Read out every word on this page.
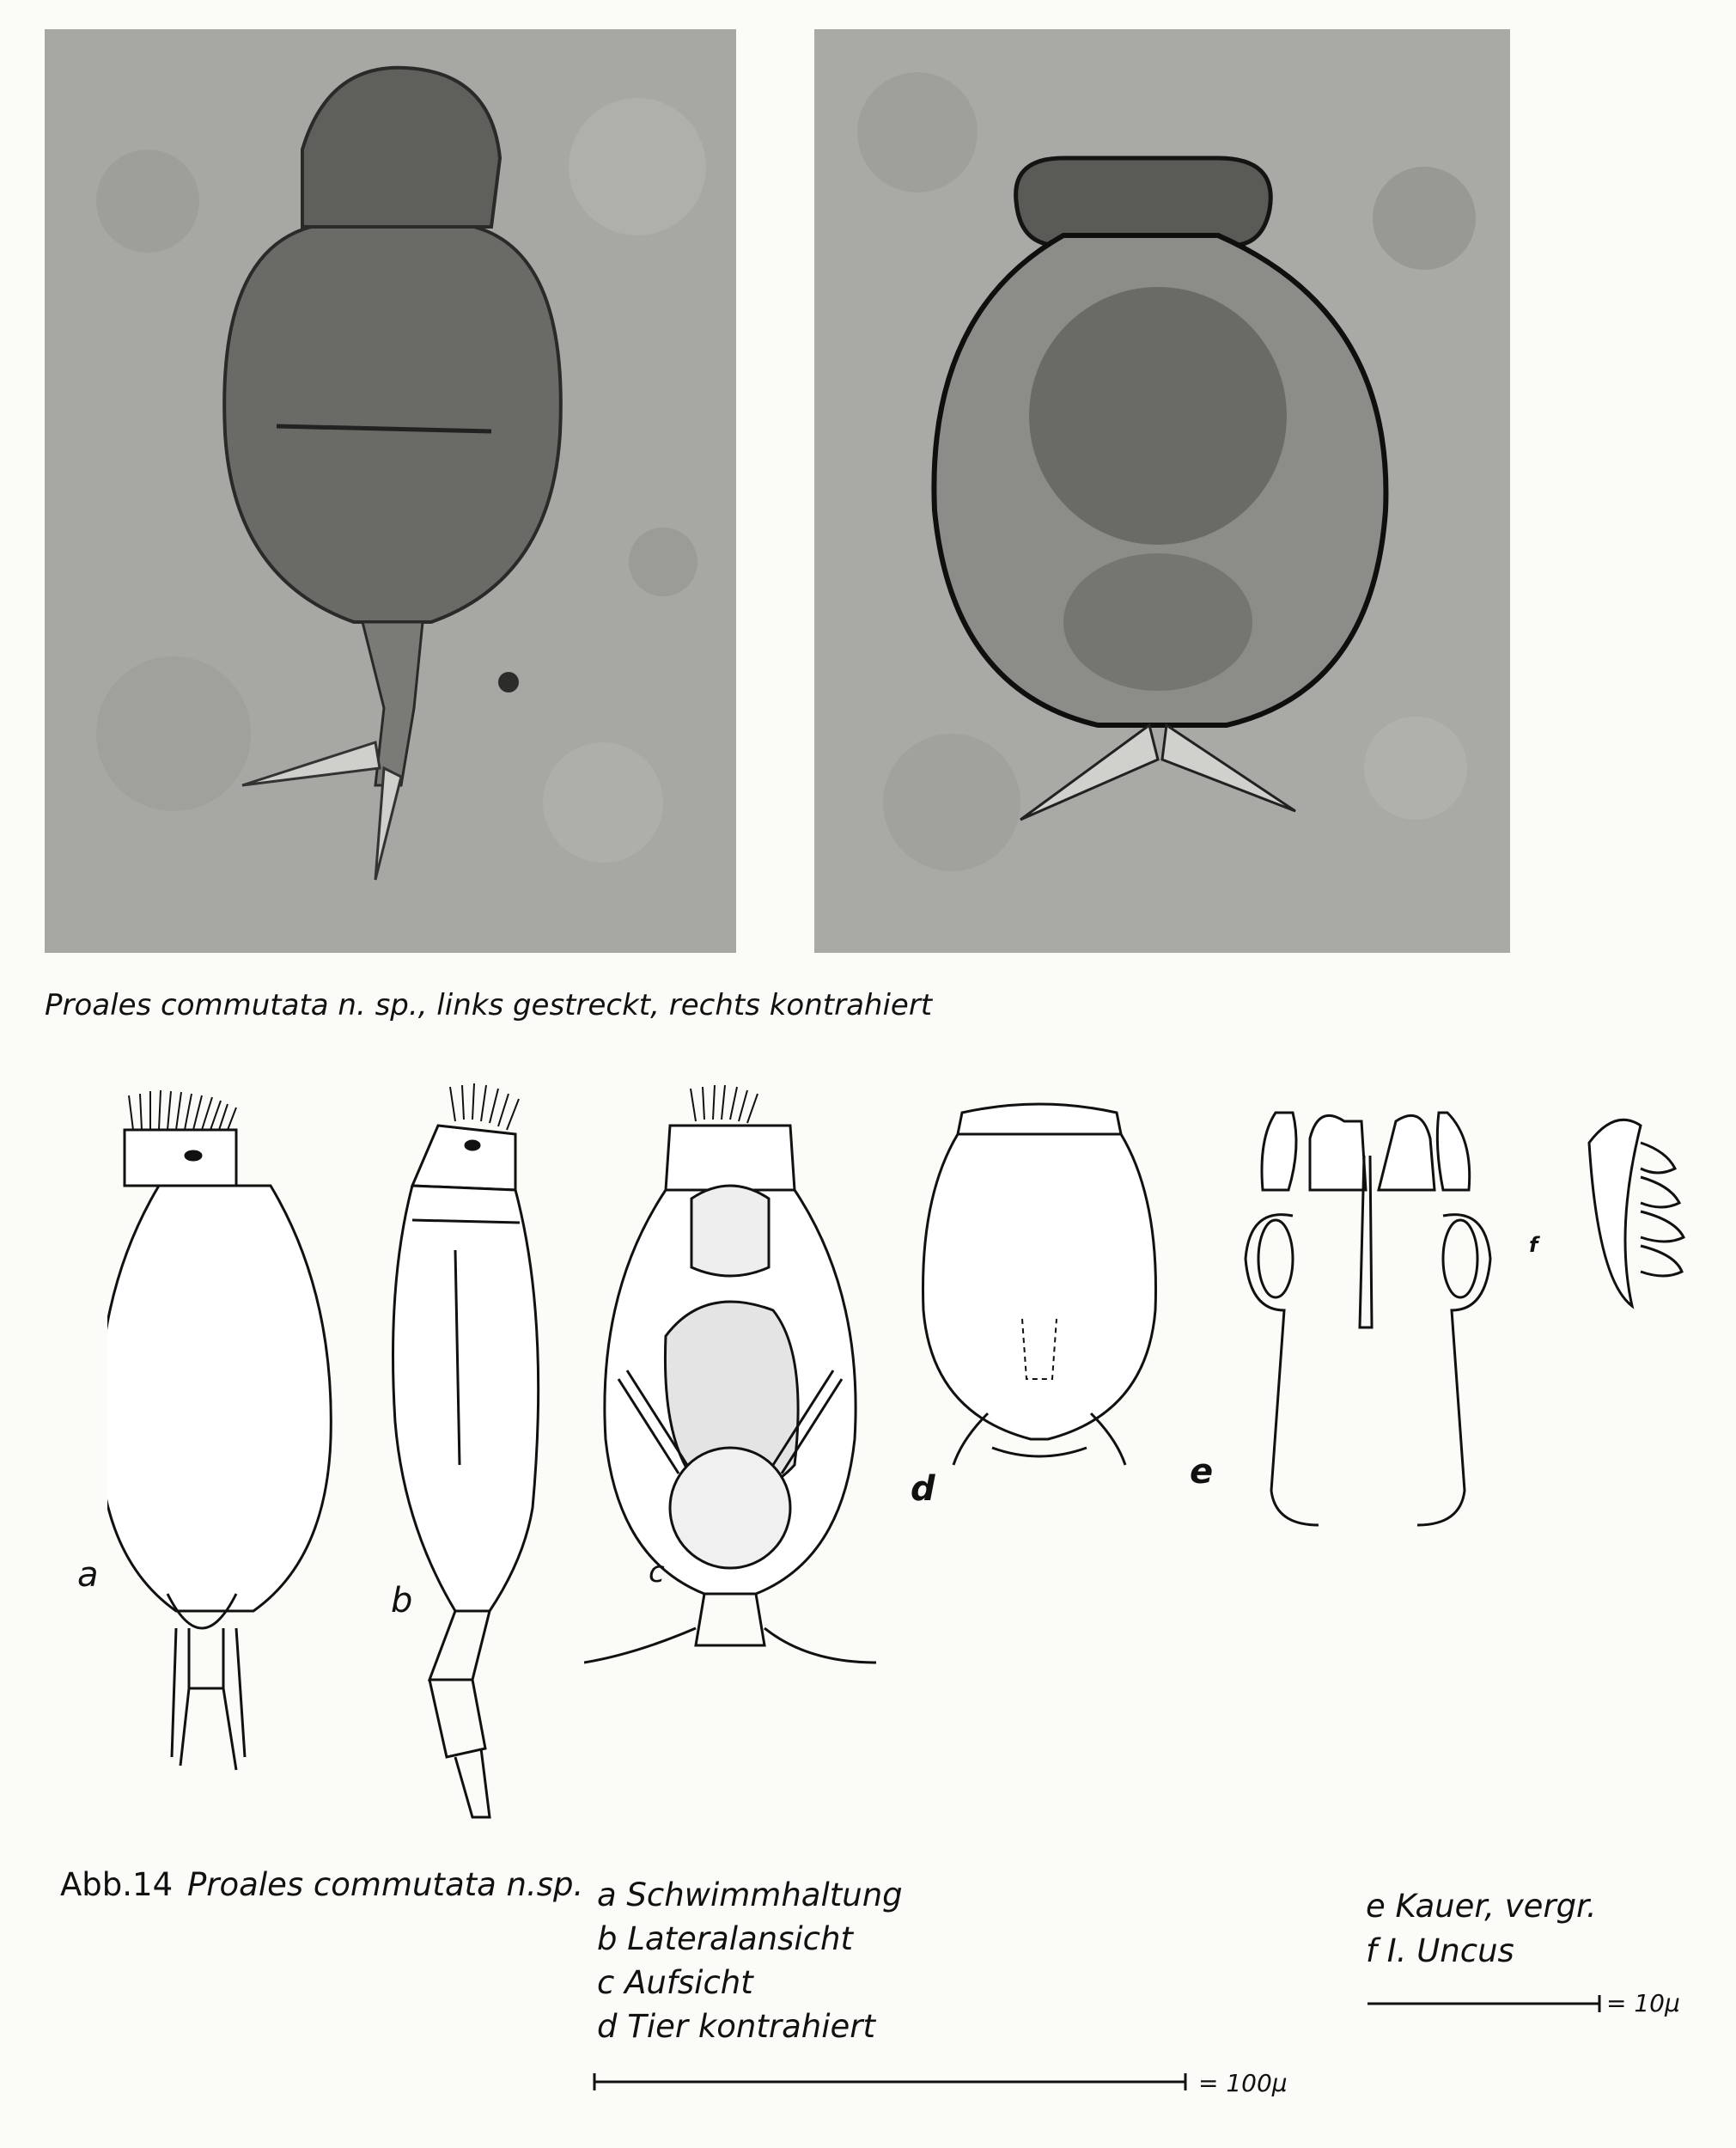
Proales commutata n. sp., links gestreckt, rechts kontrahiert
a
b
c
d	e
f
Abb.14 Proales commutata n.sp. a Schwimmhaltung
b Lateralansicht
c Aufsicht
d Tier kontrahiert
e Kauer, vergr.
f I. Uncus
= 100μ
= 10μ
